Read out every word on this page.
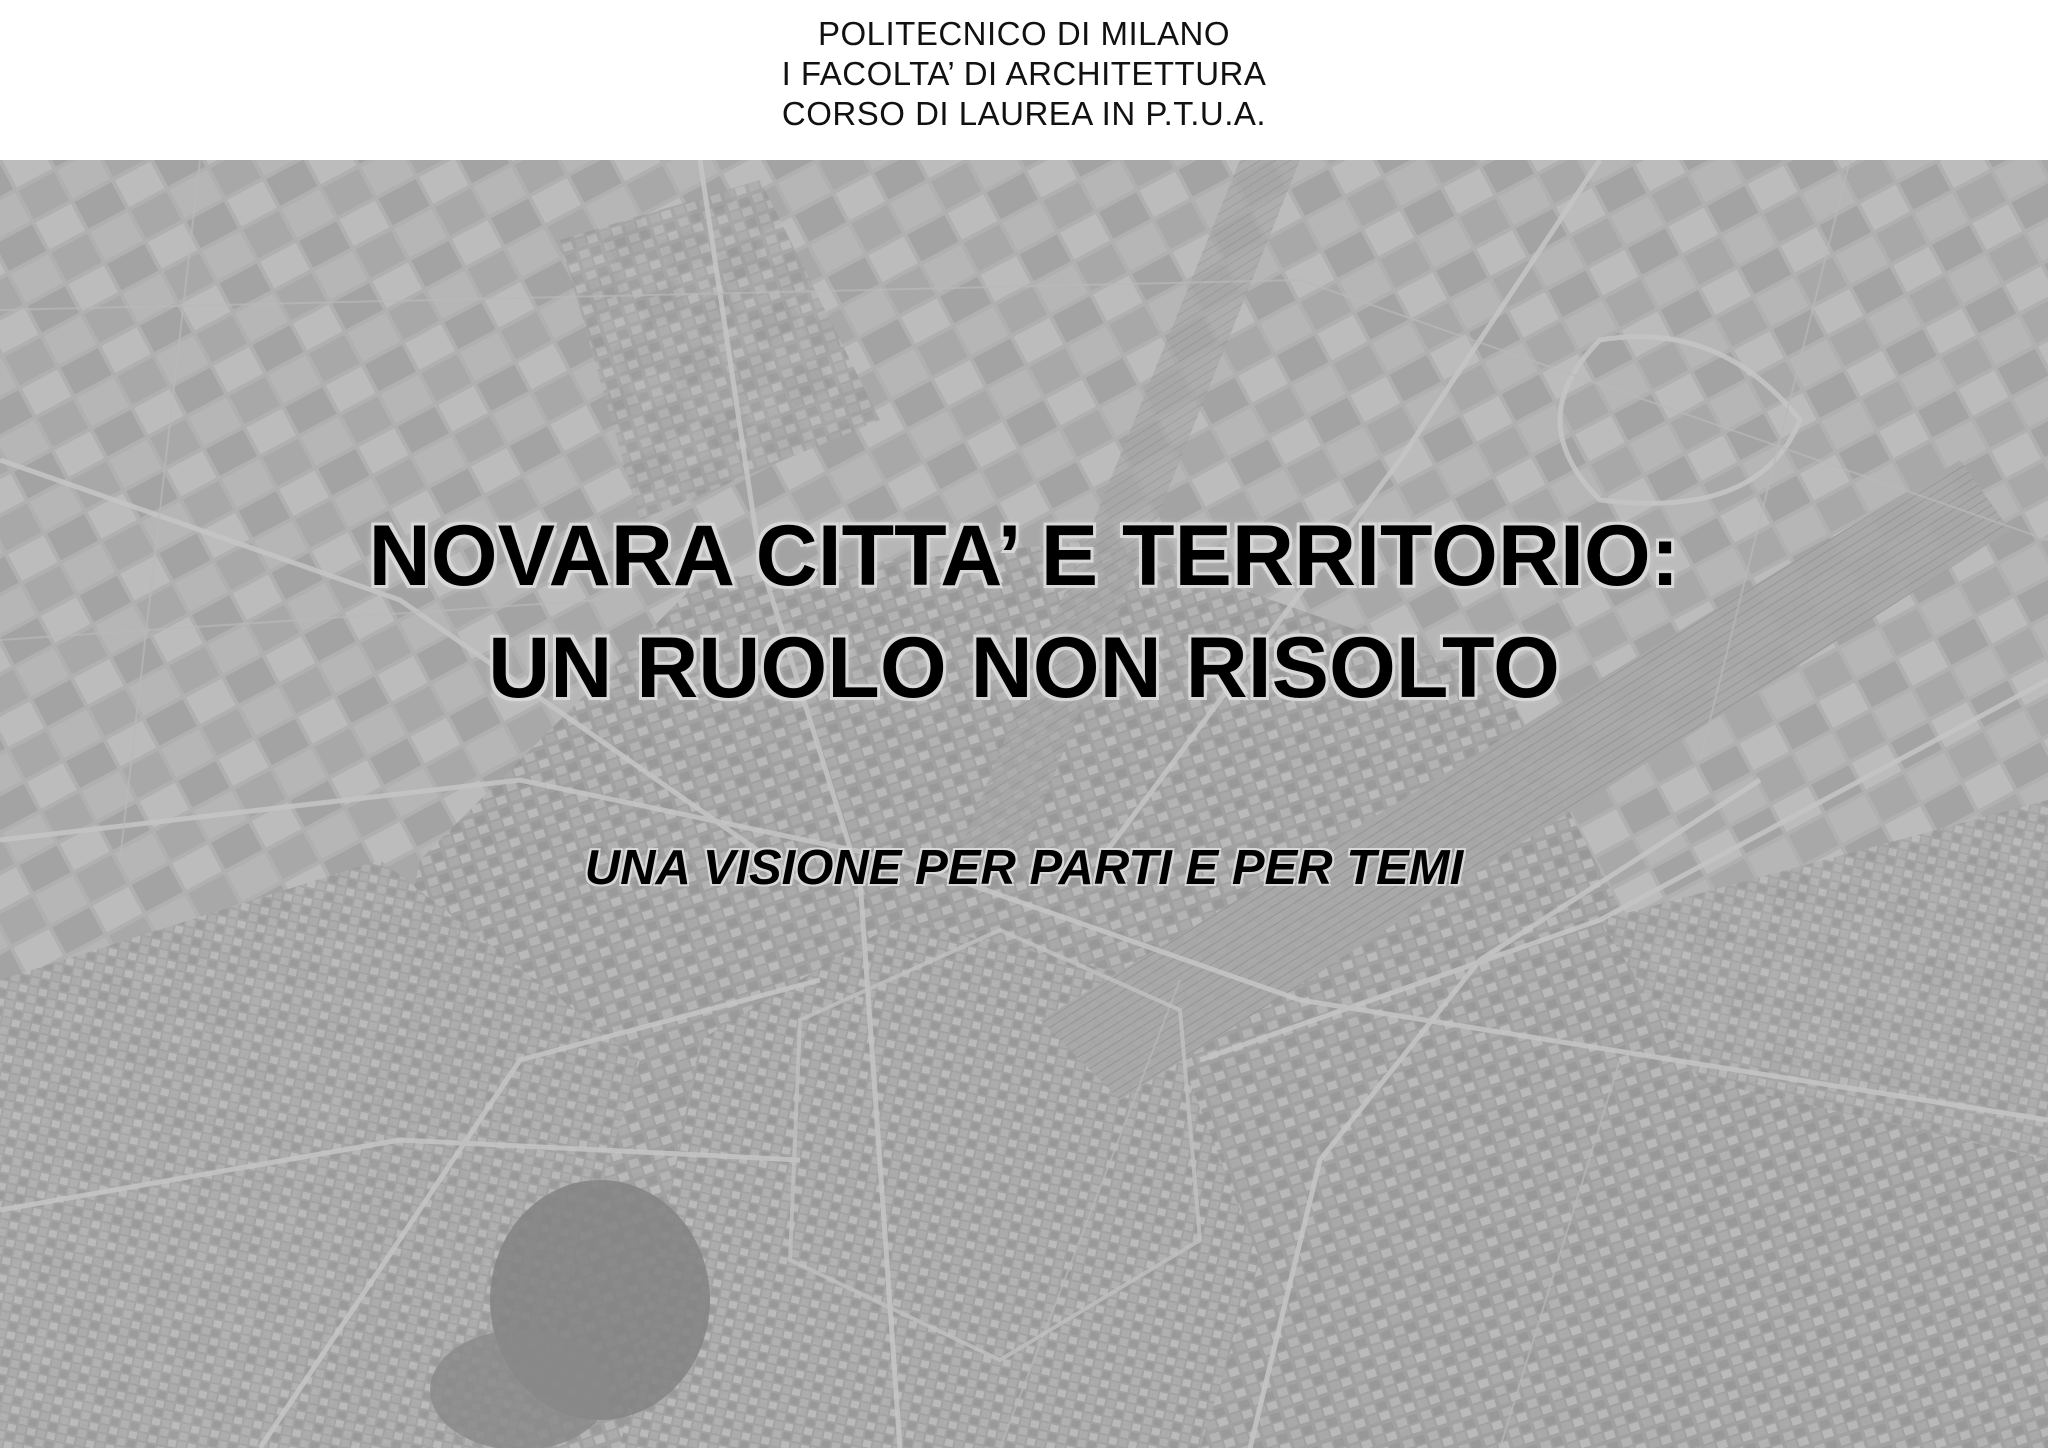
POLITECNICO DI MILANO
I FACOLTA’ DI ARCHITETTURA
CORSO DI LAUREA IN P.T.U.A.
NOVARA CITTA’ E TERRITORIO:
UN RUOLO NON RISOLTO
UNA VISIONE PER PARTI E PER TEMI
